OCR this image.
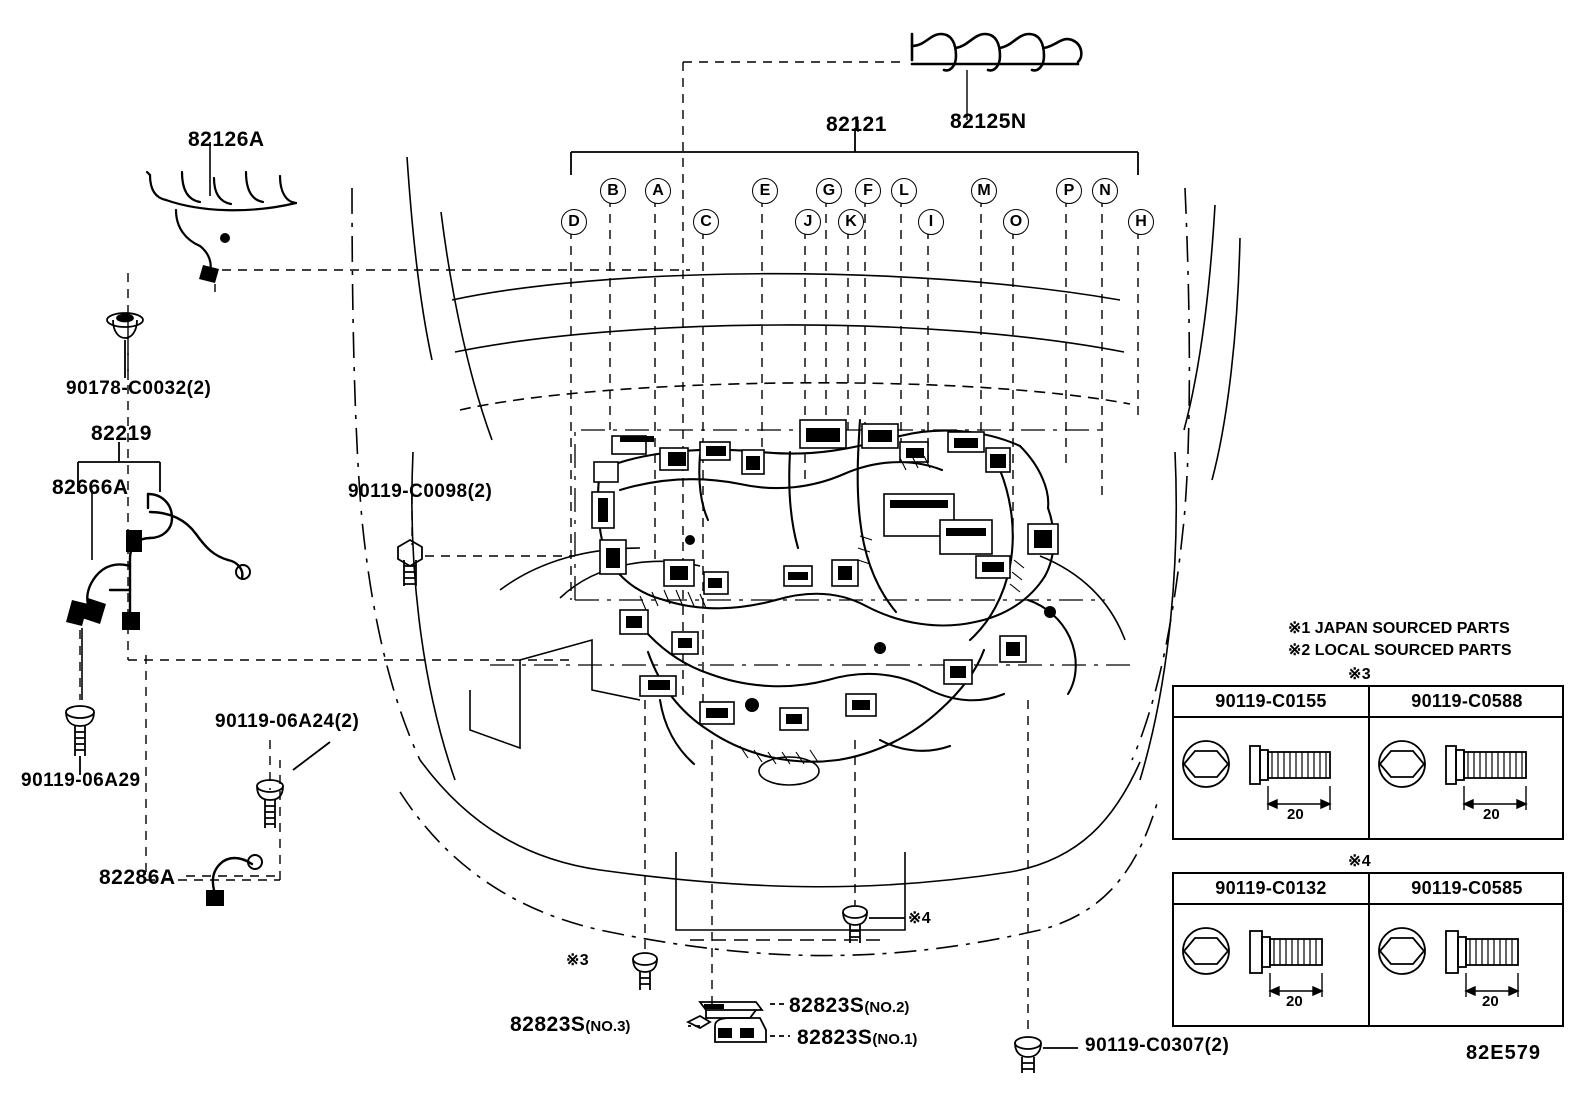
D
B	A
C
E
J
G
K
F	L
I
M
O
P	N
H
82126A
82121	82125N
90178-C0032(2)
82219
82666A	90119-C0098(2)
90119-06A29
90119-06A24(2)
82286A
90119-C0307(2)
82823S(NO.3)
82823S(NO.2)
82823S(NO.1)
※3
※4
※1 JAPAN SOURCED PARTS
※2 LOCAL SOURCED PARTS
※3
90119-C0155
20
90119-C0588
20
※4
90119-C0132
20
90119-C0585
20
82E579
